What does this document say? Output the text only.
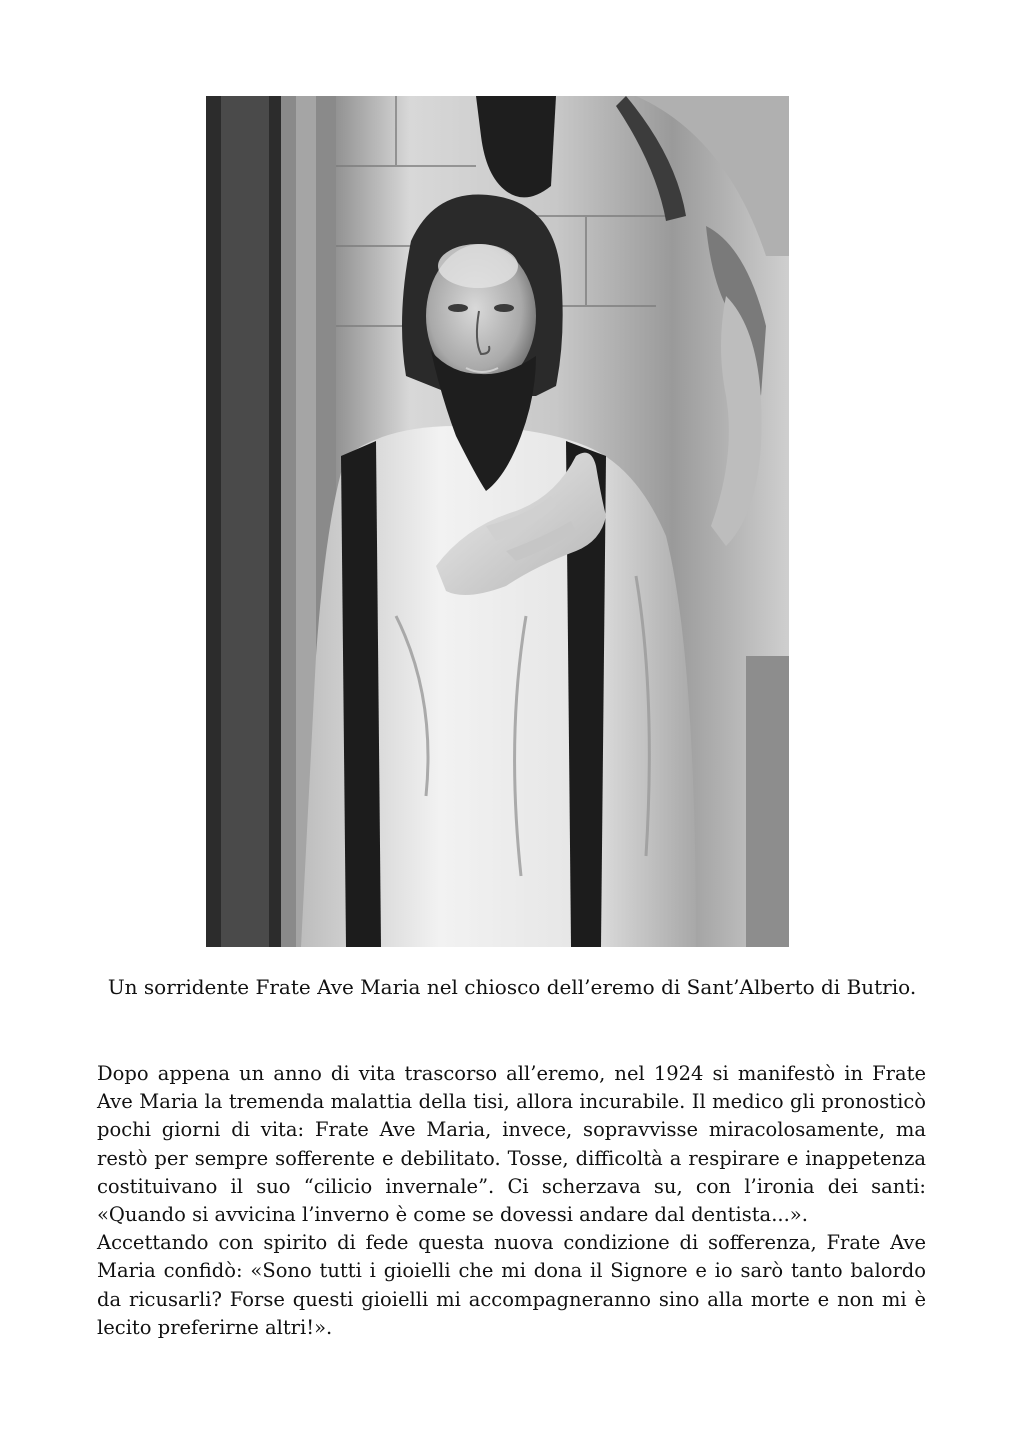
Un sorridente Frate Ave Maria nel chiosco dell’eremo di Sant’Alberto di Butrio.

Dopo appena un anno di vita trascorso all’eremo, nel 1924 si manifestò in Frate Ave Maria la tremenda malattia della tisi, allora incurabile. Il medico gli pronosticò pochi giorni di vita: Frate Ave Maria, invece, sopravvisse miracolosamente, ma restò per sempre sofferente e debilitato. Tosse, difficoltà a respirare e inappetenza costituivano il suo “cilicio invernale”. Ci scherzava su, con l’ironia dei santi: «Quando si avvicina l’inverno è come se dovessi andare dal dentista...».
Accettando con spirito di fede questa nuova condizione di sofferenza, Frate Ave Maria confidò: «Sono tutti i gioielli che mi dona il Signore e io sarò tanto balordo da ricusarli? Forse questi gioielli mi accompagneranno sino alla morte e non mi è lecito preferirne altri!».
